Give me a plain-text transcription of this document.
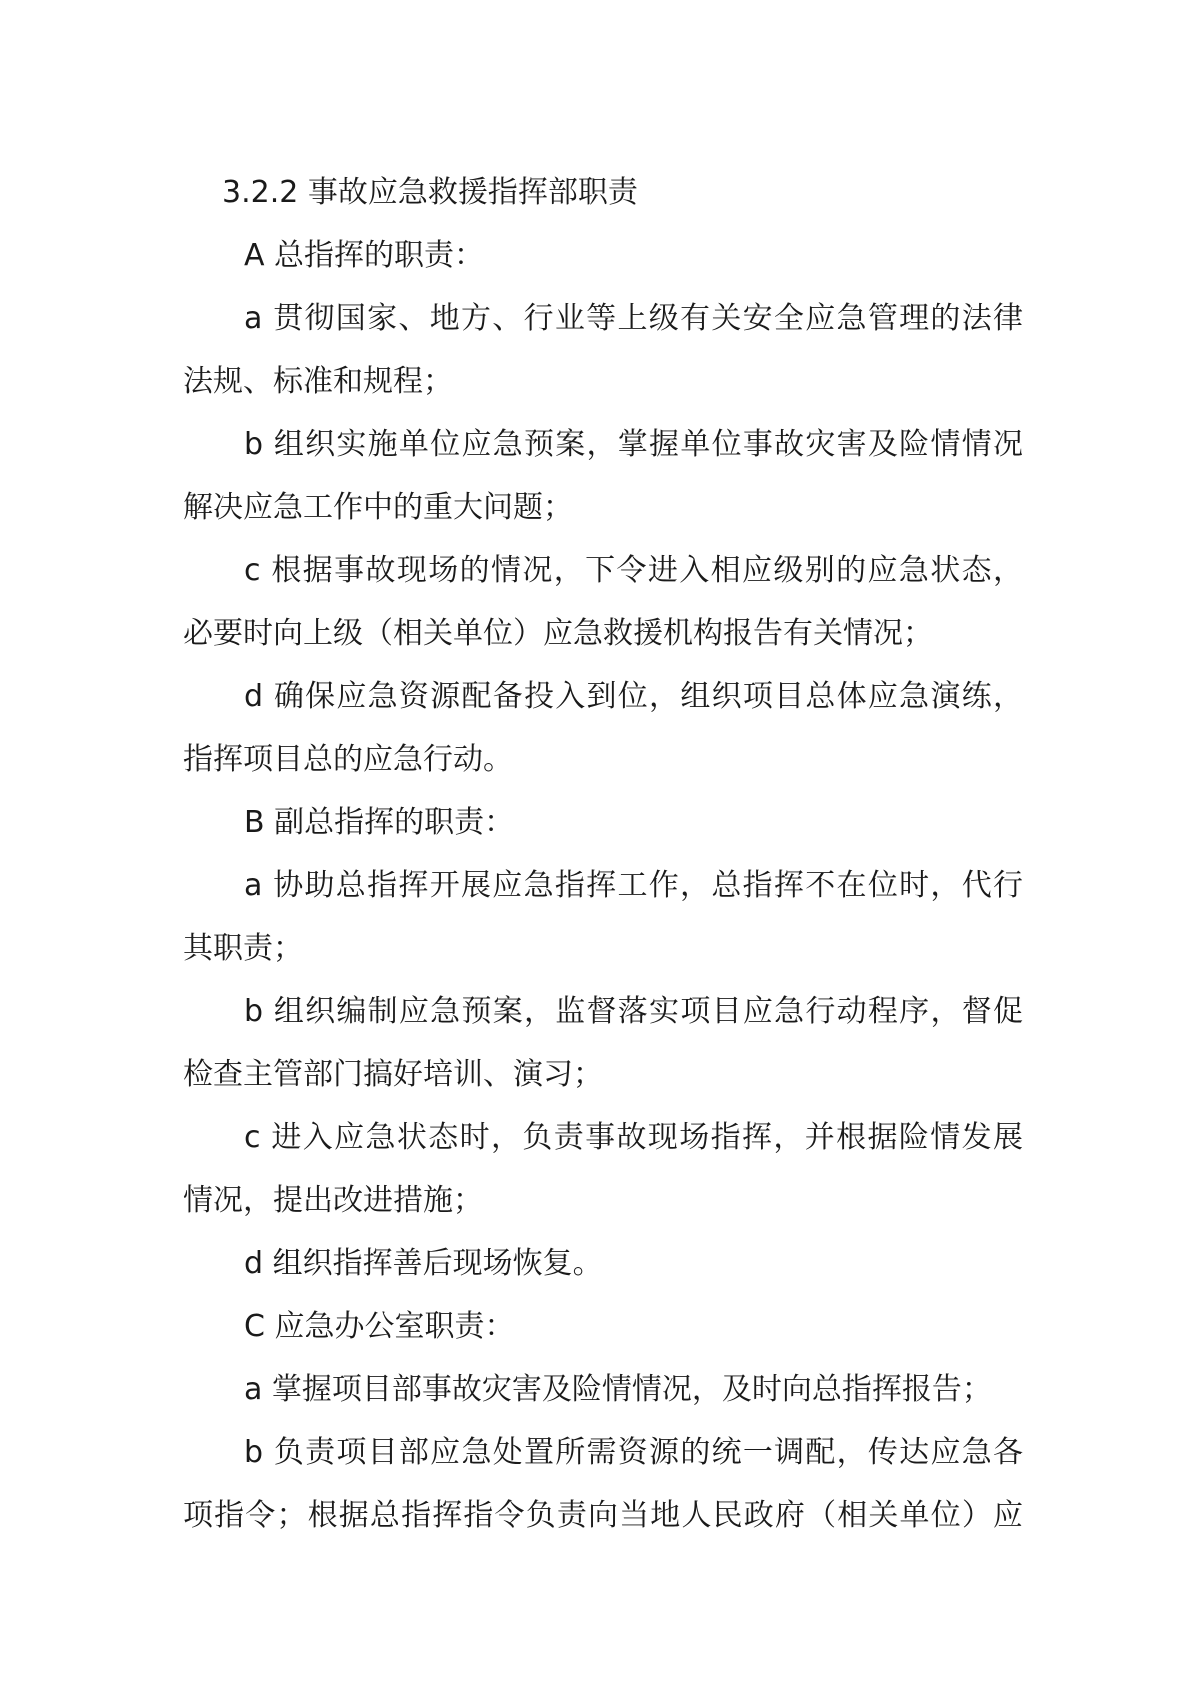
3.2.2 事故应急救援指挥部职责
A 总指挥的职责：
a 贯彻国家、地方、行业等上级有关安全应急管理的法律
法规、标准和规程；
b 组织实施单位应急预案，掌握单位事故灾害及险情情况
解决应急工作中的重大问题；
c 根据事故现场的情况，下令进入相应级别的应急状态，
必要时向上级（相关单位）应急救援机构报告有关情况；
d 确保应急资源配备投入到位，组织项目总体应急演练，
指挥项目总的应急行动。
B 副总指挥的职责：
a 协助总指挥开展应急指挥工作，总指挥不在位时，代行
其职责；
b 组织编制应急预案，监督落实项目应急行动程序，督促
检查主管部门搞好培训、演习；
c 进入应急状态时，负责事故现场指挥，并根据险情发展
情况，提出改进措施；
d 组织指挥善后现场恢复。
C 应急办公室职责：
a 掌握项目部事故灾害及险情情况，及时向总指挥报告；
b 负责项目部应急处置所需资源的统一调配，传达应急各
项指令；根据总指挥指令负责向当地人民政府（相关单位）应
